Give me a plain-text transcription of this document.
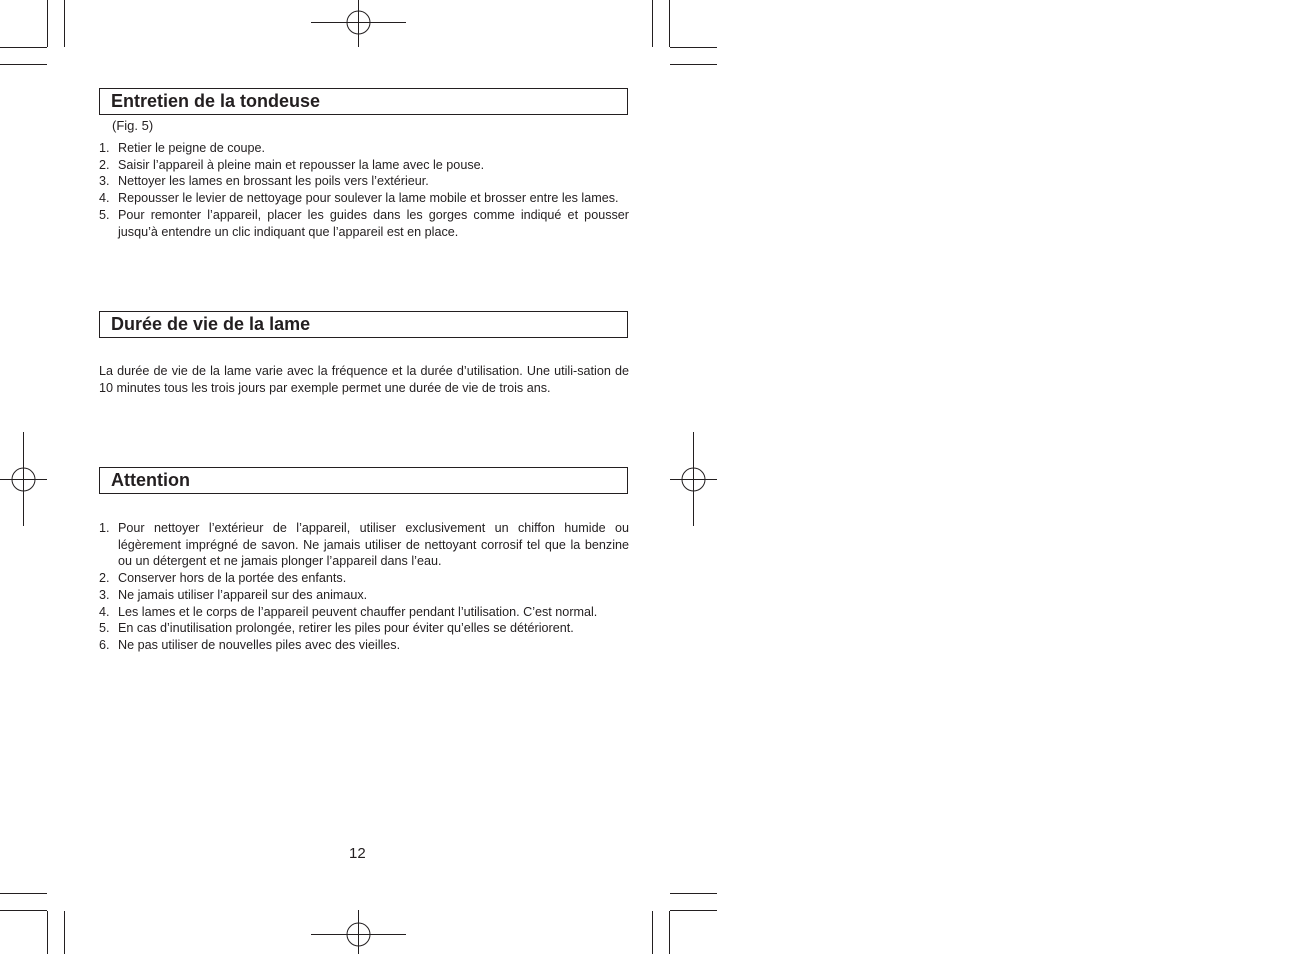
Entretien de la tondeuse
(Fig. 5)
1. Retier le peigne de coupe.
2. Saisir l’appareil à pleine main et repousser la lame avec le pouse.
3. Nettoyer les lames en brossant les poils vers l’extérieur.
4. Repousser le levier de nettoyage pour soulever la lame mobile et brosser entre les lames.
5. Pour remonter l’appareil, placer les guides dans les gorges comme indiqué et pousser jusqu’à entendre un clic indiquant que l’appareil est en place.
Durée de vie de la lame

La durée de vie de la lame varie avec la fréquence et la durée d’utilisation. Une utili-sation de 10 minutes tous les trois jours par exemple permet une durée de vie de trois ans.

Attention
1. Pour nettoyer l’extérieur de l’appareil, utiliser exclusivement un chiffon humide ou légèrement imprégné de savon. Ne jamais utiliser de nettoyant corrosif tel que la benzine ou un détergent et ne jamais plonger l’appareil dans l’eau.
2. Conserver hors de la portée des enfants.
3. Ne jamais utiliser l’appareil sur des animaux.
4. Les lames et le corps de l’appareil peuvent chauffer pendant l’utilisation. C’est normal.
5. En cas d’inutilisation prolongée, retirer les piles pour éviter qu’elles se détériorent.
6. Ne pas utiliser de nouvelles piles avec des vieilles.
12
